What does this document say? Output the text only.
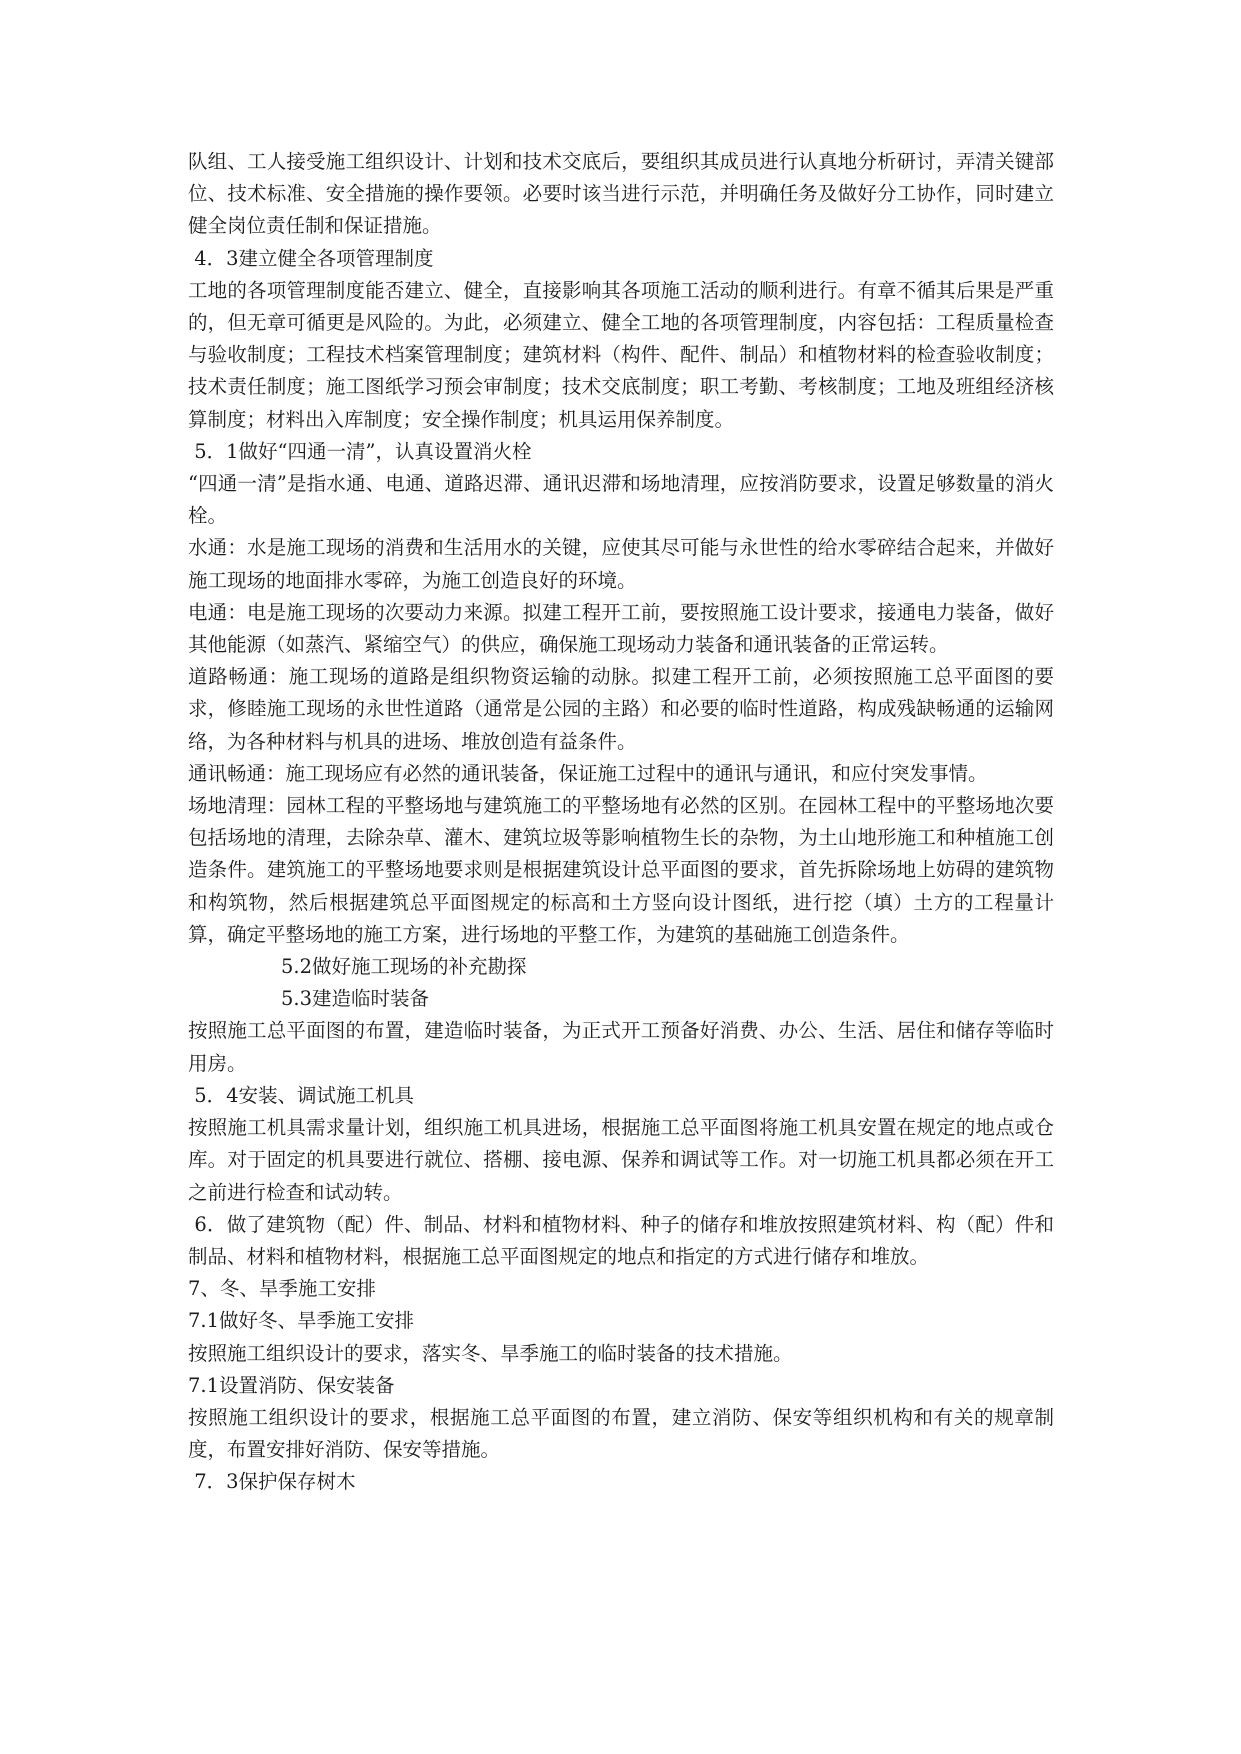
队组、工人接受施工组织设计、计划和技术交底后，要组织其成员进行认真地分析研讨，弄清关键部位、技术标准、安全措施的操作要领。必要时该当进行示范，并明确任务及做好分工协作，同时建立健全岗位责任制和保证措施。

4．3建立健全各项管理制度

工地的各项管理制度能否建立、健全，直接影响其各项施工活动的顺利进行。有章不循其后果是严重的，但无章可循更是风险的。为此，必须建立、健全工地的各项管理制度，内容包括：工程质量检查与验收制度；工程技术档案管理制度；建筑材料（构件、配件、制品）和植物材料的检查验收制度；技术责任制度；施工图纸学习预会审制度；技术交底制度；职工考勤、考核制度；工地及班组经济核算制度；材料出入库制度；安全操作制度；机具运用保养制度。

5．1做好“四通一清”，认真设置消火栓

“四通一清”是指水通、电通、道路迟滞、通讯迟滞和场地清理，应按消防要求，设置足够数量的消火栓。

水通：水是施工现场的消费和生活用水的关键，应使其尽可能与永世性的给水零碎结合起来，并做好施工现场的地面排水零碎，为施工创造良好的环境。

电通：电是施工现场的次要动力来源。拟建工程开工前，要按照施工设计要求，接通电力装备，做好其他能源（如蒸汽、紧缩空气）的供应，确保施工现场动力装备和通讯装备的正常运转。

道路畅通：施工现场的道路是组织物资运输的动脉。拟建工程开工前，必须按照施工总平面图的要求，修睦施工现场的永世性道路（通常是公园的主路）和必要的临时性道路，构成残缺畅通的运输网络，为各种材料与机具的进场、堆放创造有益条件。

通讯畅通：施工现场应有必然的通讯装备，保证施工过程中的通讯与通讯，和应付突发事情。

场地清理：园林工程的平整场地与建筑施工的平整场地有必然的区别。在园林工程中的平整场地次要包括场地的清理，去除杂草、灌木、建筑垃圾等影响植物生长的杂物，为土山地形施工和种植施工创造条件。建筑施工的平整场地要求则是根据建筑设计总平面图的要求，首先拆除场地上妨碍的建筑物和构筑物，然后根据建筑总平面图规定的标高和土方竖向设计图纸，进行挖（填）土方的工程量计算，确定平整场地的施工方案，进行场地的平整工作，为建筑的基础施工创造条件。

5.2做好施工现场的补充勘探

5.3建造临时装备

按照施工总平面图的布置，建造临时装备，为正式开工预备好消费、办公、生活、居住和储存等临时用房。

5．4安装、调试施工机具

按照施工机具需求量计划，组织施工机具进场，根据施工总平面图将施工机具安置在规定的地点或仓库。对于固定的机具要进行就位、搭棚、接电源、保养和调试等工作。对一切施工机具都必须在开工之前进行检查和试动转。

6．做了建筑物（配）件、制品、材料和植物材料、种子的储存和堆放按照建筑材料、构（配）件和制品、材料和植物材料，根据施工总平面图规定的地点和指定的方式进行储存和堆放。

7、冬、旱季施工安排

7.1做好冬、旱季施工安排

按照施工组织设计的要求，落实冬、旱季施工的临时装备的技术措施。

7.1设置消防、保安装备

按照施工组织设计的要求，根据施工总平面图的布置，建立消防、保安等组织机构和有关的规章制度，布置安排好消防、保安等措施。

7．3保护保存树木
